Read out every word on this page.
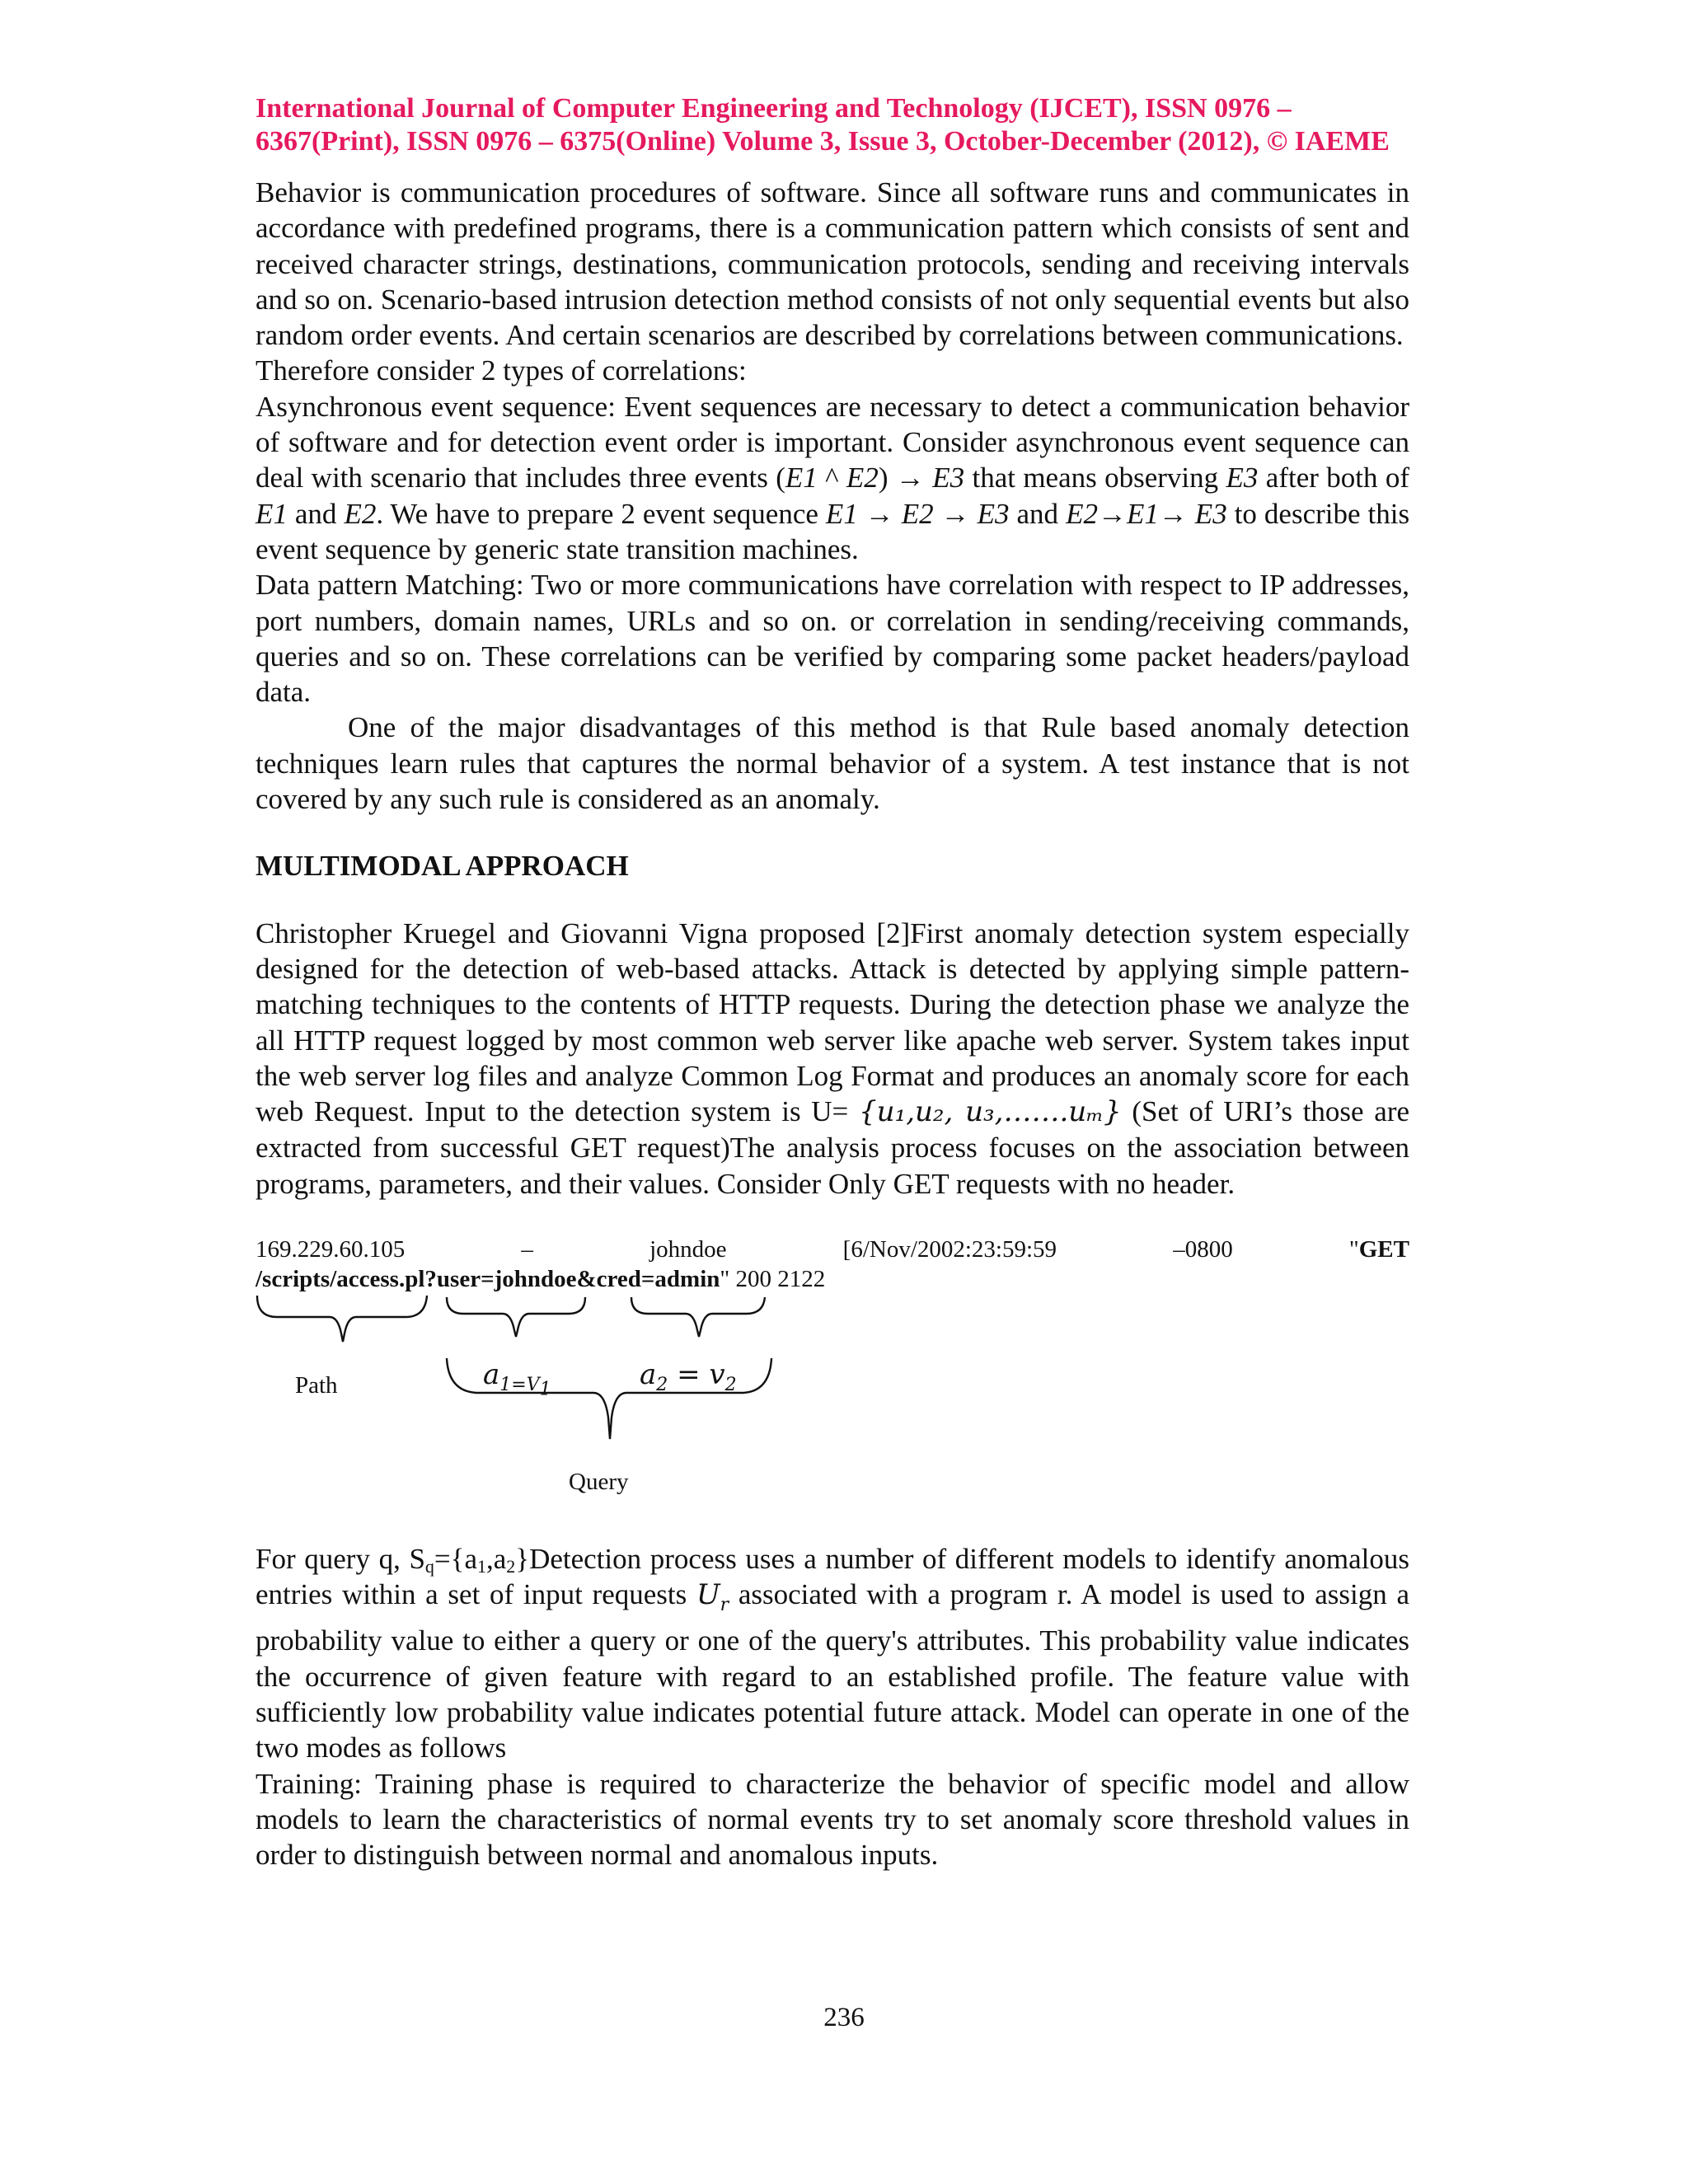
International Journal of Computer Engineering and Technology (IJCET), ISSN 0976 –
6367(Print), ISSN 0976 – 6375(Online) Volume 3, Issue 3, October-December (2012), © IAEME

Behavior is communication procedures of software. Since all software runs and communicates in accordance with predefined programs, there is a communication pattern which consists of sent and received character strings, destinations, communication protocols, sending and receiving intervals and so on. Scenario-based intrusion detection method consists of not only sequential events but also random order events. And certain scenarios are described by correlations between communications.

Therefore consider 2 types of correlations:

Asynchronous event sequence: Event sequences are necessary to detect a communication behavior of software and for detection event order is important. Consider asynchronous event sequence can deal with scenario that includes three events (E1 ^ E2) → E3 that means observing E3 after both of E1 and E2. We have to prepare 2 event sequence E1 → E2 → E3 and E2→E1→ E3 to describe this event sequence by generic state transition machines.

Data pattern Matching: Two or more communications have correlation with respect to IP addresses, port numbers, domain names, URLs and so on. or correlation in sending/receiving commands, queries and so on. These correlations can be verified by comparing some packet headers/payload data.

One of the major disadvantages of this method is that Rule based anomaly detection techniques learn rules that captures the normal behavior of a system. A test instance that is not covered by any such rule is considered as an anomaly.

MULTIMODAL APPROACH

Christopher Kruegel and Giovanni Vigna proposed [2]First anomaly detection system especially designed for the detection of web-based attacks. Attack is detected by applying simple pattern-matching techniques to the contents of HTTP requests. During the detection phase we analyze the all HTTP request logged by most common web server like apache web server. System takes input the web server log files and analyze Common Log Format and produces an anomaly score for each web Request. Input to the detection system is U= {u₁,u₂, u₃,…….uₘ} (Set of URI’s those are extracted from successful GET request)The analysis process focuses on the association between programs, parameters, and their values. Consider Only GET requests with no header.

169.229.60.105	–	johndoe	[6/Nov/2002:23:59:59	–0800	"GET
/scripts/access.pl?user=johndoe&cred=admin" 200 2122
Path	$a_{1=V_1}$	$a_2 = v_2$
Query

For query q, $S_q=\{a_1,a_2\}Detection$ process uses a number of different models to identify anomalous entries within a set of input requests $U_r$ associated with a program r. A model is used to assign a probability value to either a query or one of the query's attributes. This probability value indicates the occurrence of given feature with regard to an established profile. The feature value with sufficiently low probability value indicates potential future attack. Model can operate in one of the two modes as follows

Training: Training phase is required to characterize the behavior of specific model and allow models to learn the characteristics of normal events try to set anomaly score threshold values in order to distinguish between normal and anomalous inputs.

236
